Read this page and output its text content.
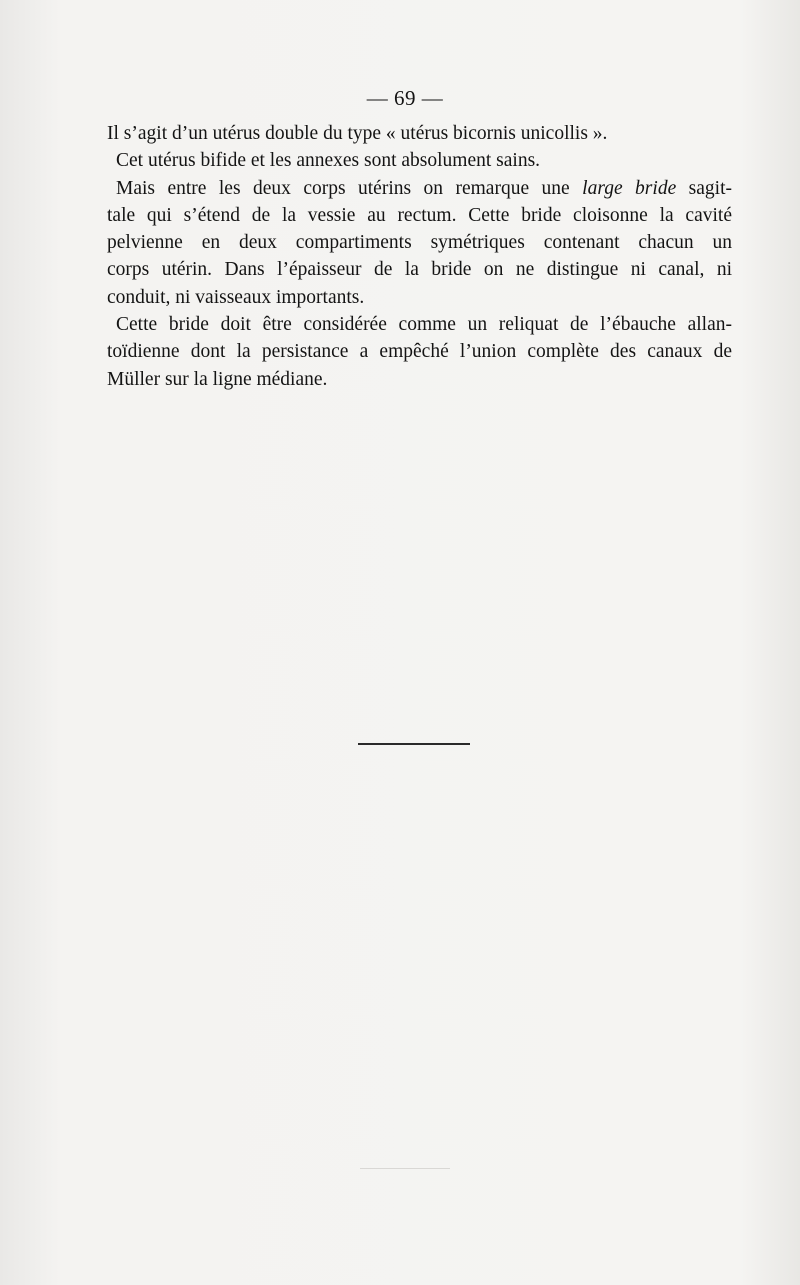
— 69 —
Il s’agit d’un utérus double du type « utérus bicornis unicollis ».
Cet utérus bifide et les annexes sont absolument sains.
Mais entre les deux corps utérins on remarque une large bride sagit-
tale qui s’étend de la vessie au rectum. Cette bride cloisonne la cavité
pelvienne en deux compartiments symétriques contenant chacun un
corps utérin. Dans l’épaisseur de la bride on ne distingue ni canal, ni
conduit, ni vaisseaux importants.
Cette bride doit être considérée comme un reliquat de l’ébauche allan-
toïdienne dont la persistance a empêché l’union complète des canaux de
Müller sur la ligne médiane.
